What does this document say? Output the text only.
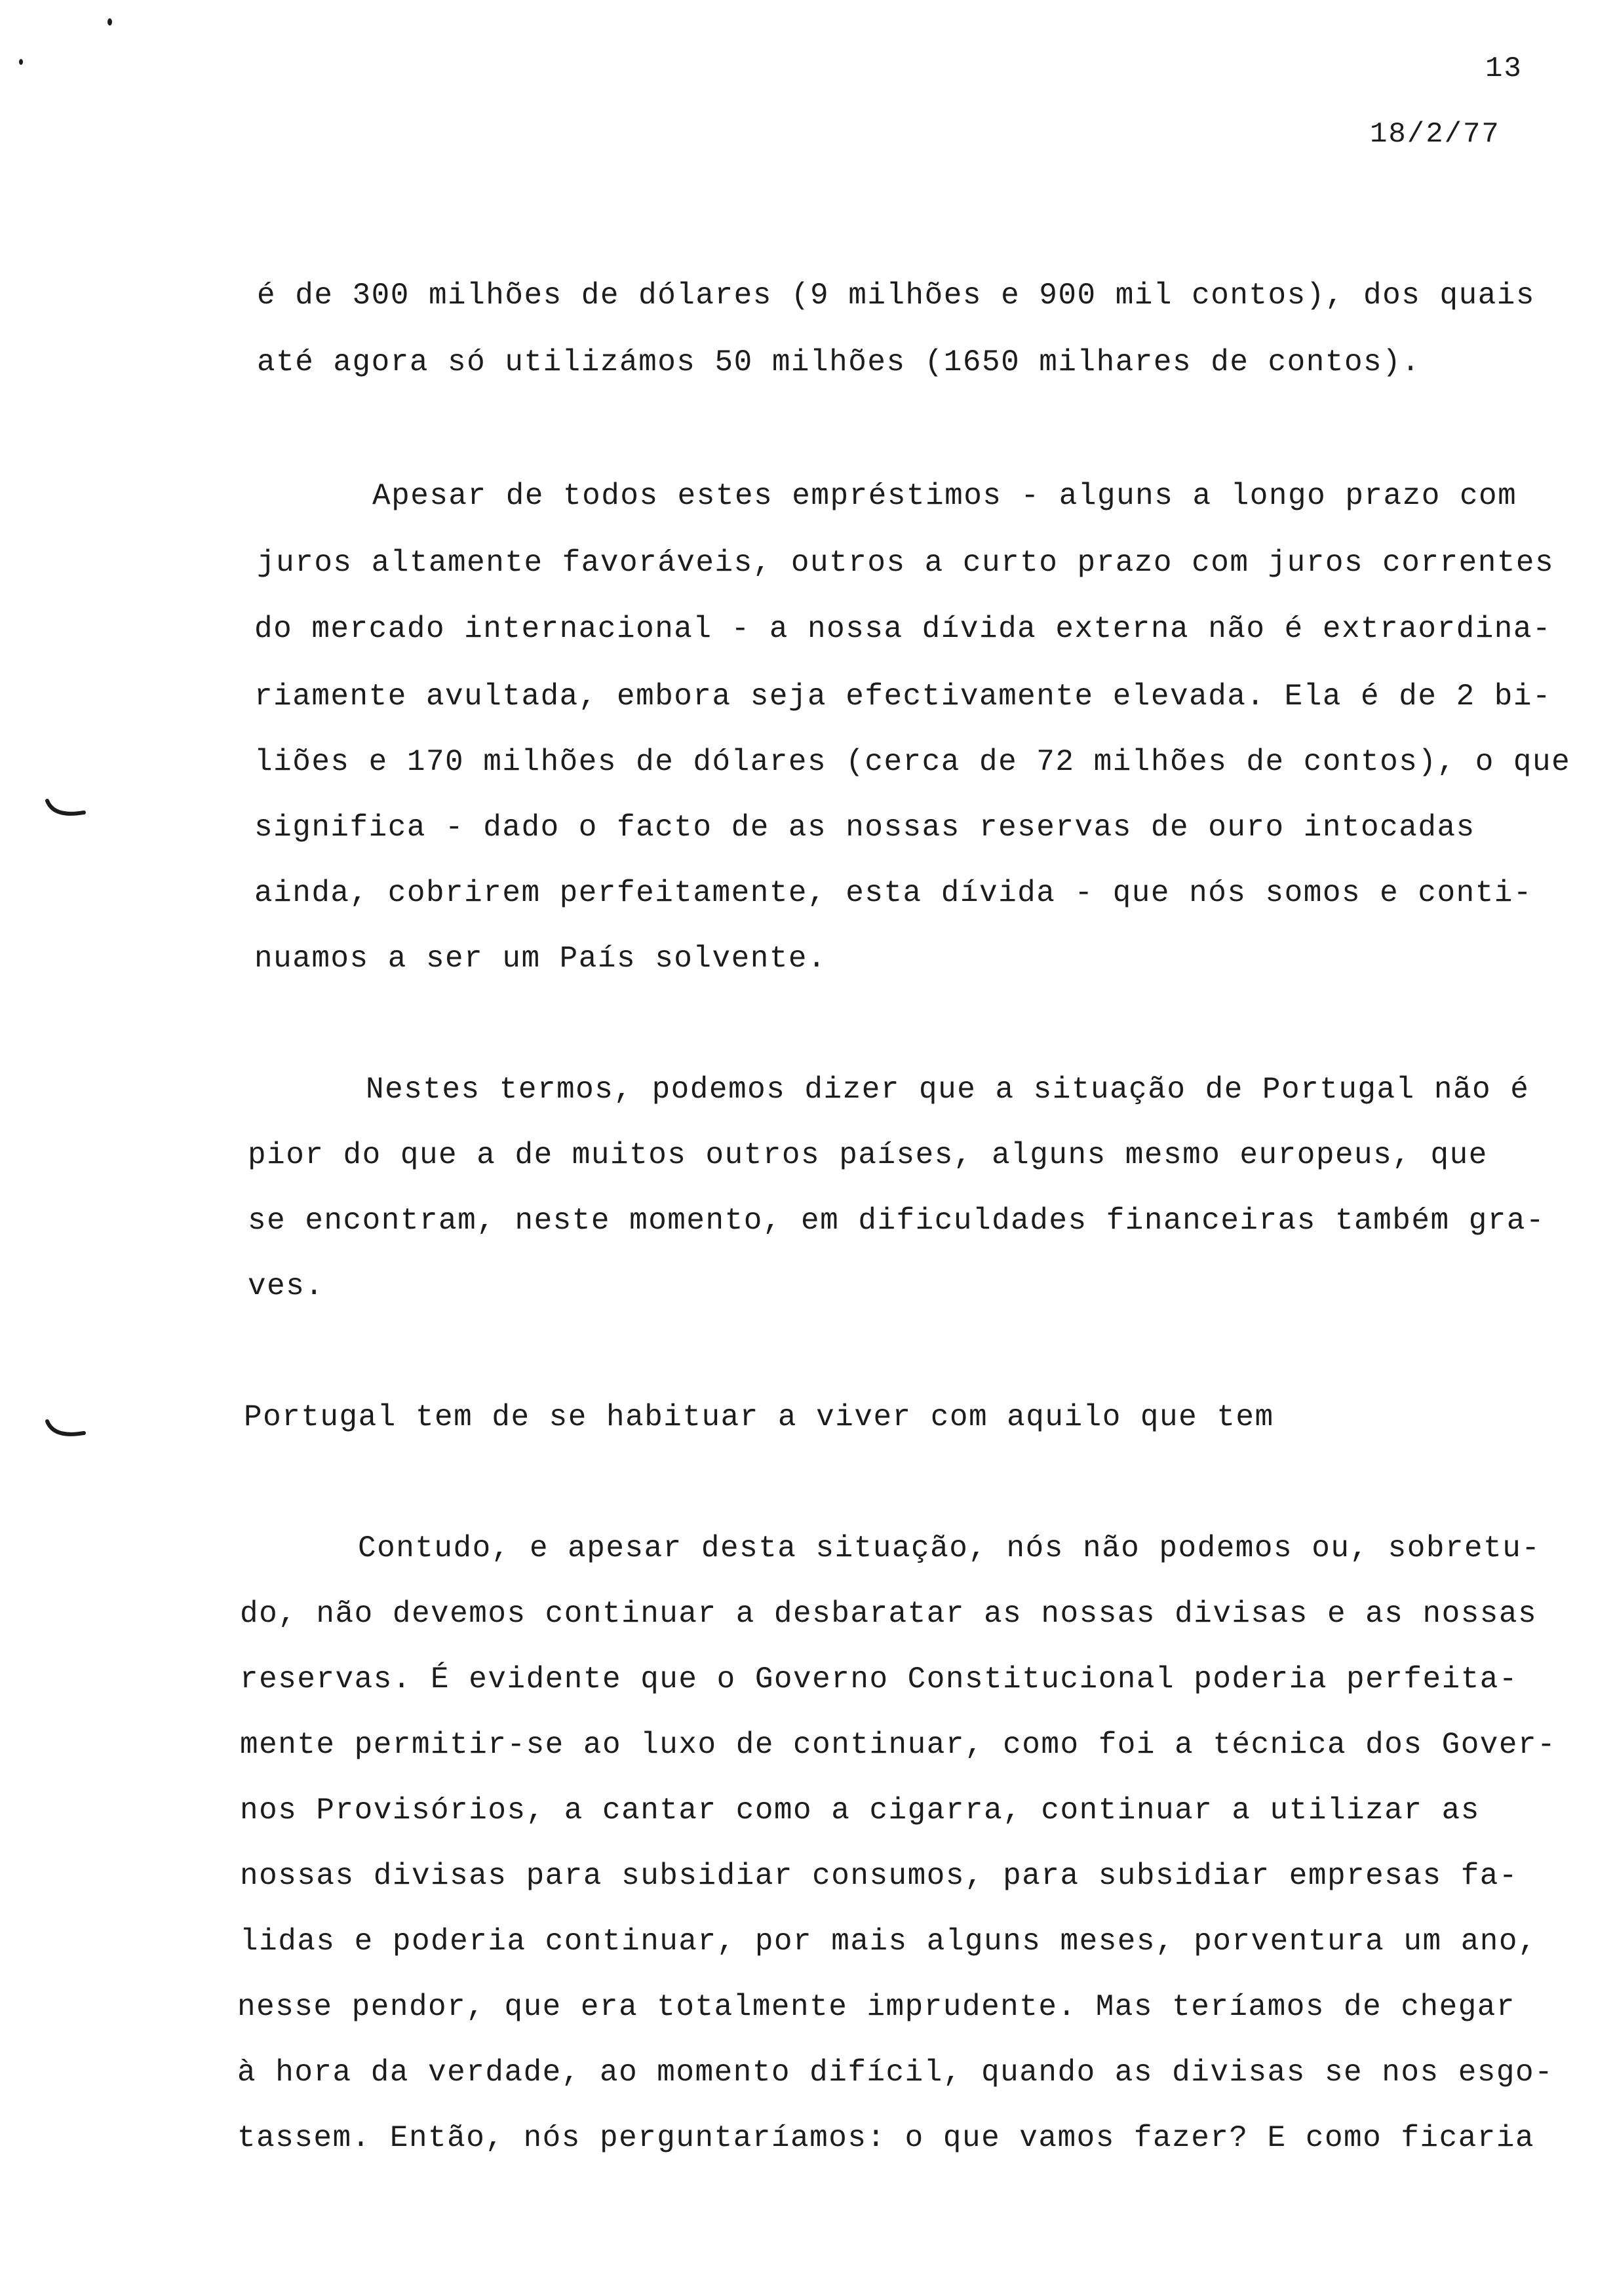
13
18/2/77
é de 300 milhões de dólares (9 milhões e 900 mil contos), dos quais
até agora só utilizámos 50 milhões (1650 milhares de contos).
Apesar de todos estes empréstimos - alguns a longo prazo com
juros altamente favoráveis, outros a curto prazo com juros correntes
do mercado internacional - a nossa dívida externa não é extraordina-
riamente avultada, embora seja efectivamente elevada. Ela é de 2 bi-
liões e 170 milhões de dólares (cerca de 72 milhões de contos), o que
significa - dado o facto de as nossas reservas de ouro intocadas
ainda, cobrirem perfeitamente, esta dívida - que nós somos e conti-
nuamos a ser um País solvente.
Nestes termos, podemos dizer que a situação de Portugal não é
pior do que a de muitos outros países, alguns mesmo europeus, que
se encontram, neste momento, em dificuldades financeiras também gra-
ves.
Portugal tem de se habituar a viver com aquilo que tem
Contudo, e apesar desta situação, nós não podemos ou, sobretu-
do, não devemos continuar a desbaratar as nossas divisas e as nossas
reservas. É evidente que o Governo Constitucional poderia perfeita-
mente permitir-se ao luxo de continuar, como foi a técnica dos Gover-
nos Provisórios, a cantar como a cigarra, continuar a utilizar as
nossas divisas para subsidiar consumos, para subsidiar empresas fa-
lidas e poderia continuar, por mais alguns meses, porventura um ano,
nesse pendor, que era totalmente imprudente. Mas teríamos de chegar
à hora da verdade, ao momento difícil, quando as divisas se nos esgo-
tassem. Então, nós perguntaríamos: o que vamos fazer? E como ficaria
